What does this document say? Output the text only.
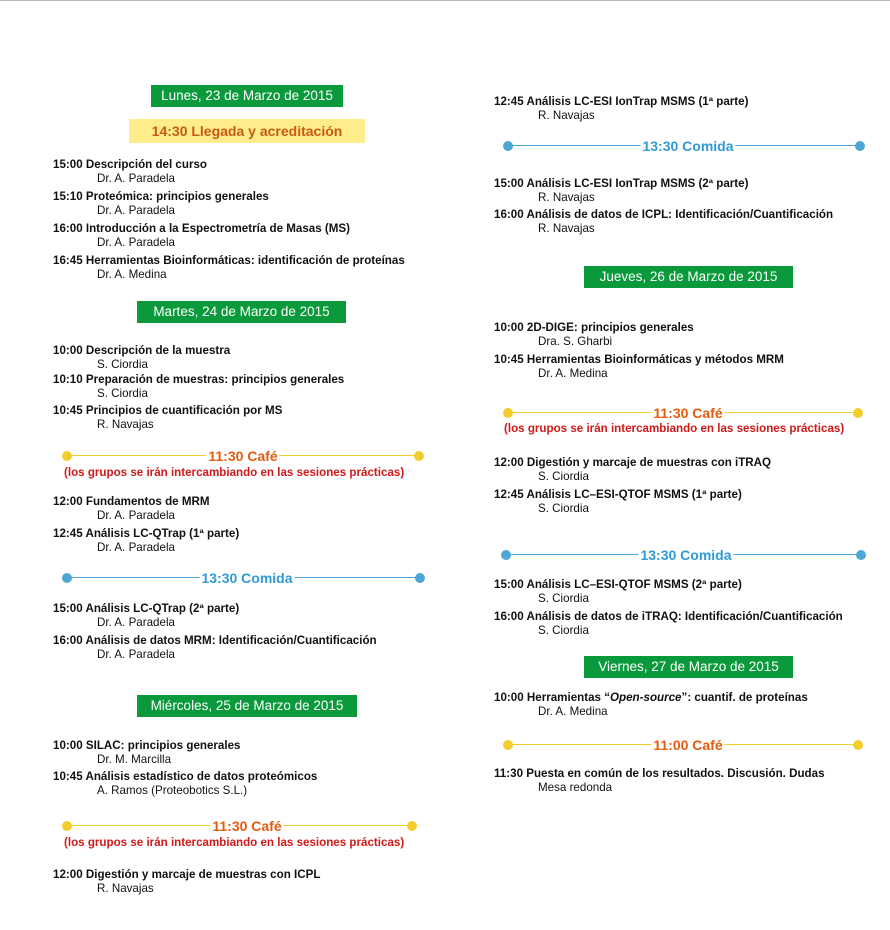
Lunes, 23 de Marzo de 2015
14:30 Llegada y acreditación
15:00 Descripción del curso
Dr. A. Paradela
15:10 Proteómica: principios generales
Dr. A. Paradela
16:00 Introducción a la Espectrometría de Masas (MS)
Dr. A. Paradela
16:45 Herramientas Bioinformáticas: identificación de proteínas
Dr. A. Medina
Martes, 24 de Marzo de 2015
10:00 Descripción de la muestra
S. Ciordia
10:10 Preparación de muestras: principios generales
S. Ciordia
10:45 Principios de cuantificación por MS
R. Navajas
11:30 Café
(los grupos se irán intercambiando en las sesiones prácticas)
12:00 Fundamentos de MRM
Dr. A. Paradela
12:45 Análisis LC-QTrap (1ª parte)
Dr. A. Paradela
13:30 Comida
15:00 Análisis LC-QTrap (2ª parte)
Dr. A. Paradela
16:00 Análisis de datos MRM: Identificación/Cuantificación
Dr. A. Paradela
Miércoles, 25 de Marzo de 2015
10:00 SILAC: principios generales
Dr. M. Marcilla
10:45 Análisis estadístico de datos proteómicos
A. Ramos (Proteobotics S.L.)
11:30 Café
(los grupos se irán intercambiando en las sesiones prácticas)
12:00 Digestión y marcaje de muestras con ICPL
R. Navajas
12:45 Análisis LC-ESI IonTrap MSMS (1ª parte)
R. Navajas
13:30 Comida
15:00 Análisis LC-ESI IonTrap MSMS (2ª parte)
R. Navajas
16:00 Análisis de datos de ICPL: Identificación/Cuantificación
R. Navajas
Jueves, 26 de Marzo de 2015
10:00 2D-DIGE: principios generales
Dra. S. Gharbi
10:45 Herramientas Bioinformáticas y métodos MRM
Dr. A. Medina
11:30 Café
(los grupos se irán intercambiando en las sesiones prácticas)
12:00 Digestión y marcaje de muestras con iTRAQ
S. Ciordia
12:45 Análisis LC–ESI-QTOF MSMS (1ª parte)
S. Ciordia
13:30 Comida
15:00 Análisis LC–ESI-QTOF MSMS (2ª parte)
S. Ciordia
16:00 Análisis de datos de iTRAQ: Identificación/Cuantificación
S. Ciordia
Viernes, 27 de Marzo de 2015
10:00 Herramientas “Open-source”: cuantif. de proteínas
Dr. A. Medina
11:00 Café
11:30 Puesta en común de los resultados. Discusión. Dudas
Mesa redonda
